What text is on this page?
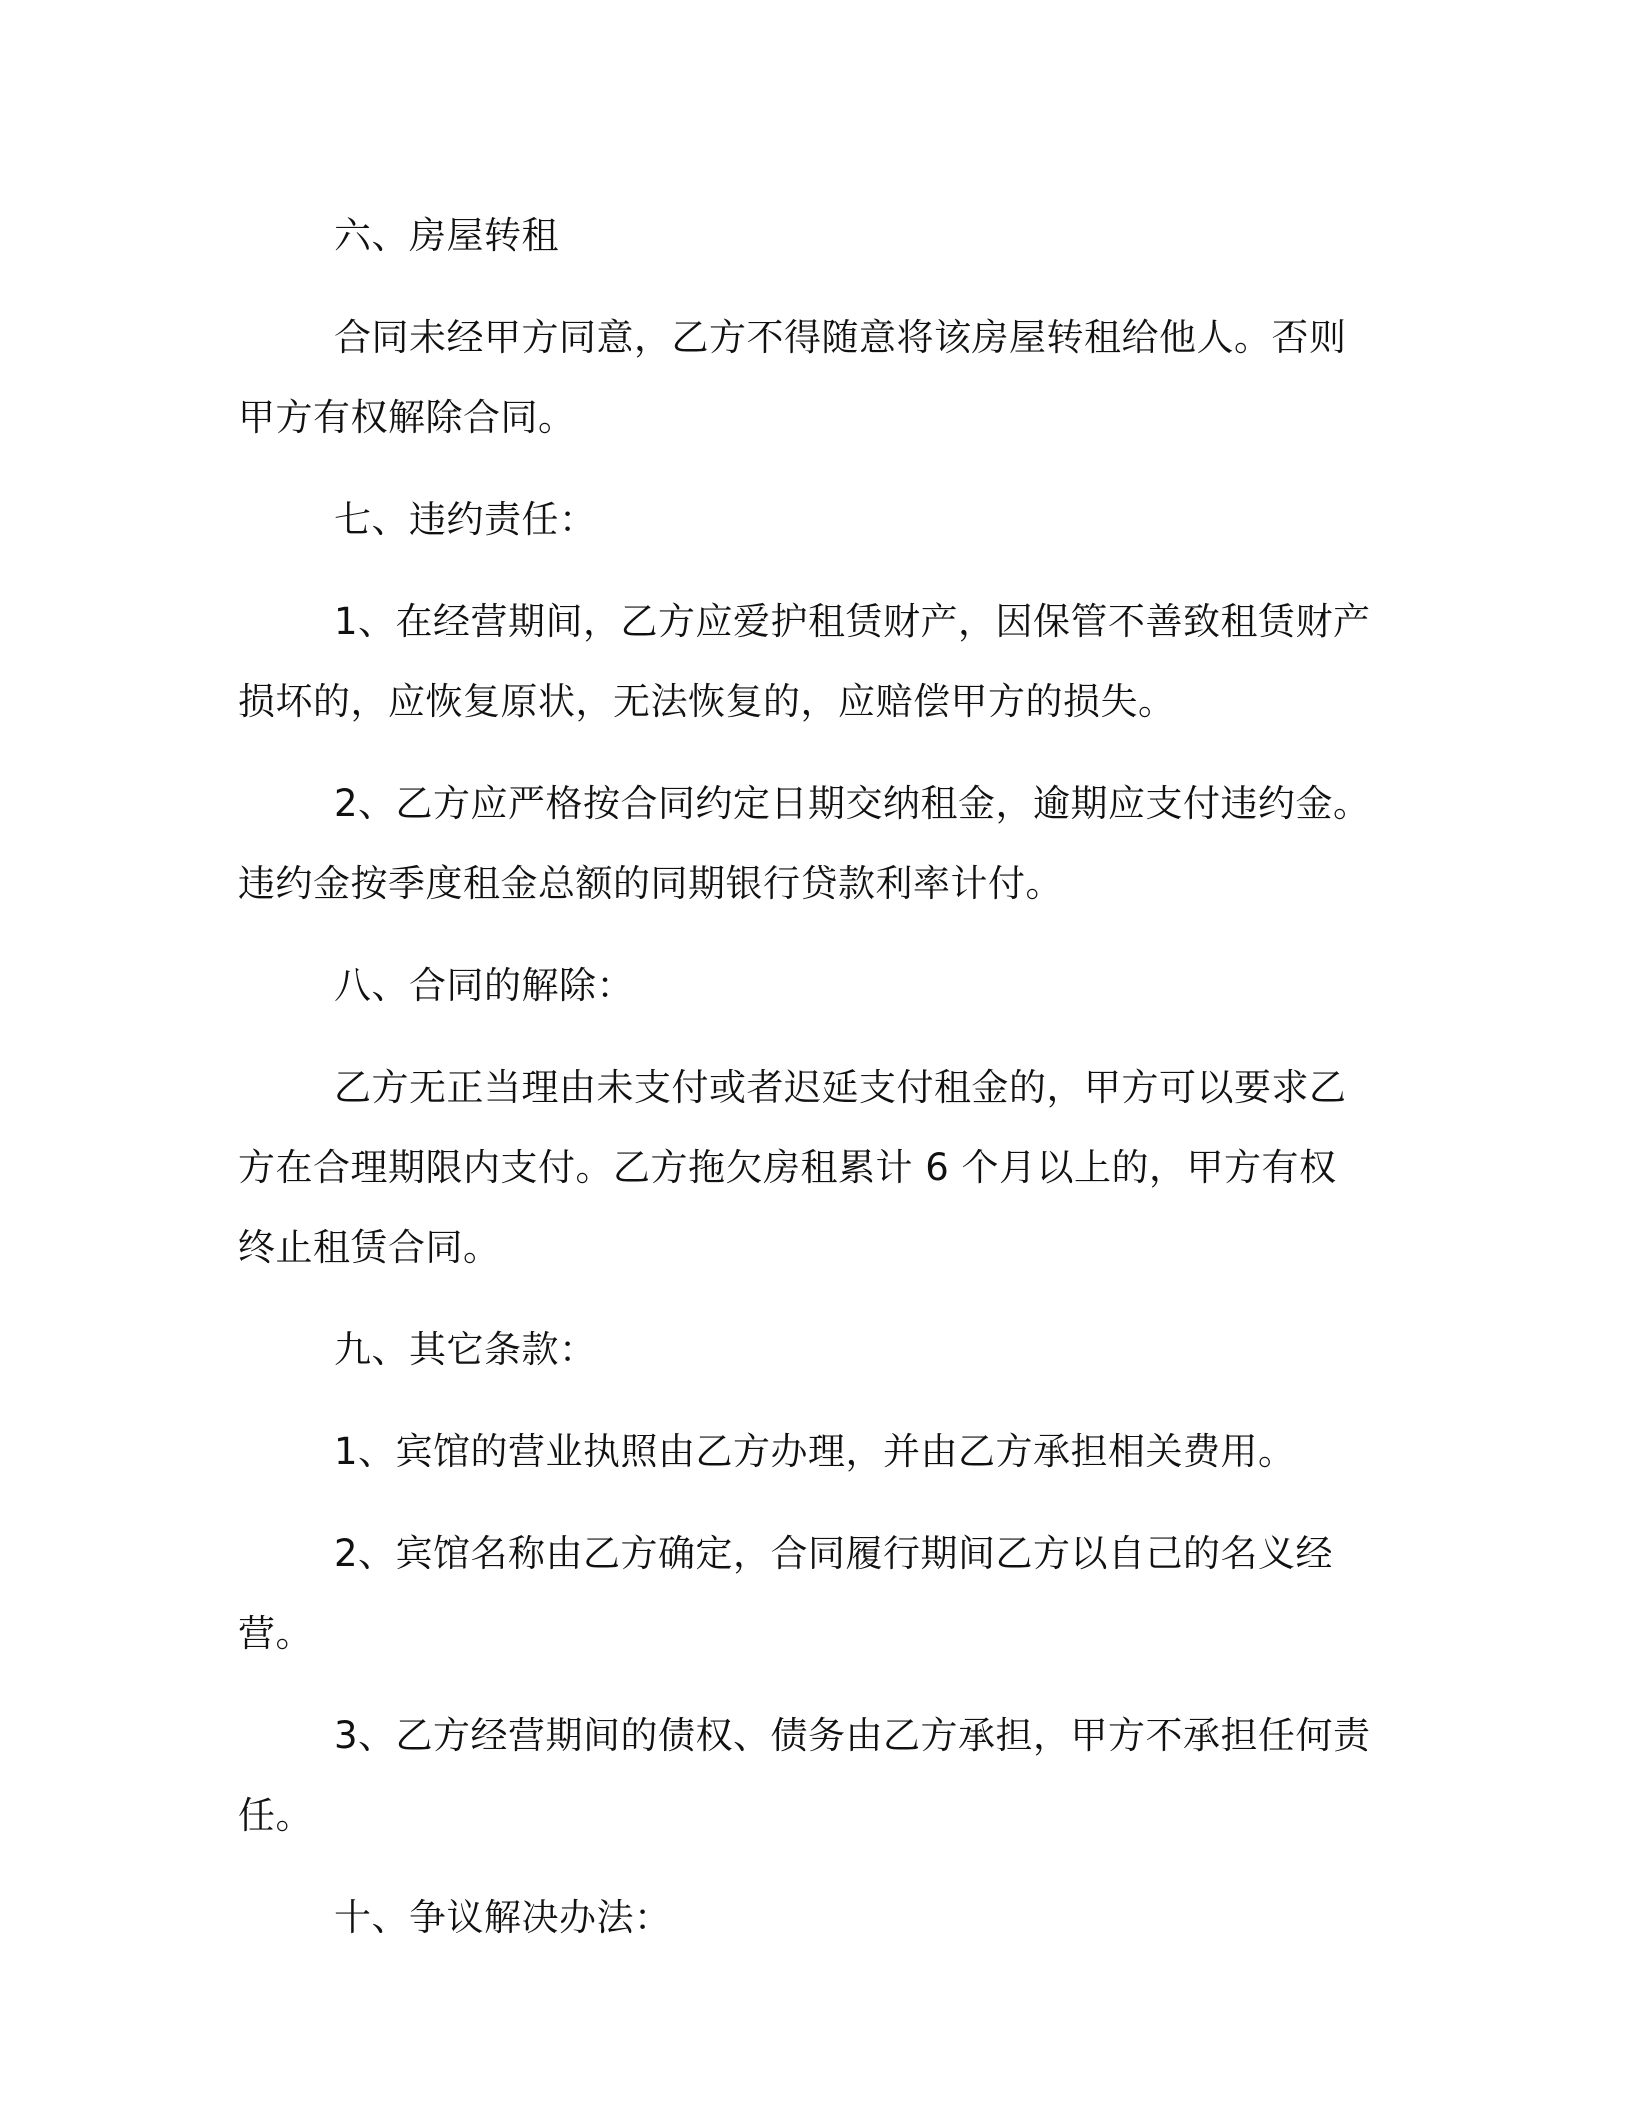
六、房屋转租

合同未经甲方同意，乙方不得随意将该房屋转租给他人。否则甲方有权解除合同。

七、违约责任：

1、在经营期间，乙方应爱护租赁财产，因保管不善致租赁财产损坏的，应恢复原状，无法恢复的，应赔偿甲方的损失。

2、乙方应严格按合同约定日期交纳租金，逾期应支付违约金。违约金按季度租金总额的同期银行贷款利率计付。

八、合同的解除：

乙方无正当理由未支付或者迟延支付租金的，甲方可以要求乙方在合理期限内支付。乙方拖欠房租累计 6 个月以上的，甲方有权终止租赁合同。

九、其它条款：

1、宾馆的营业执照由乙方办理，并由乙方承担相关费用。

2、宾馆名称由乙方确定，合同履行期间乙方以自己的名义经营。

3、乙方经营期间的债权、债务由乙方承担，甲方不承担任何责任。

十、争议解决办法：
